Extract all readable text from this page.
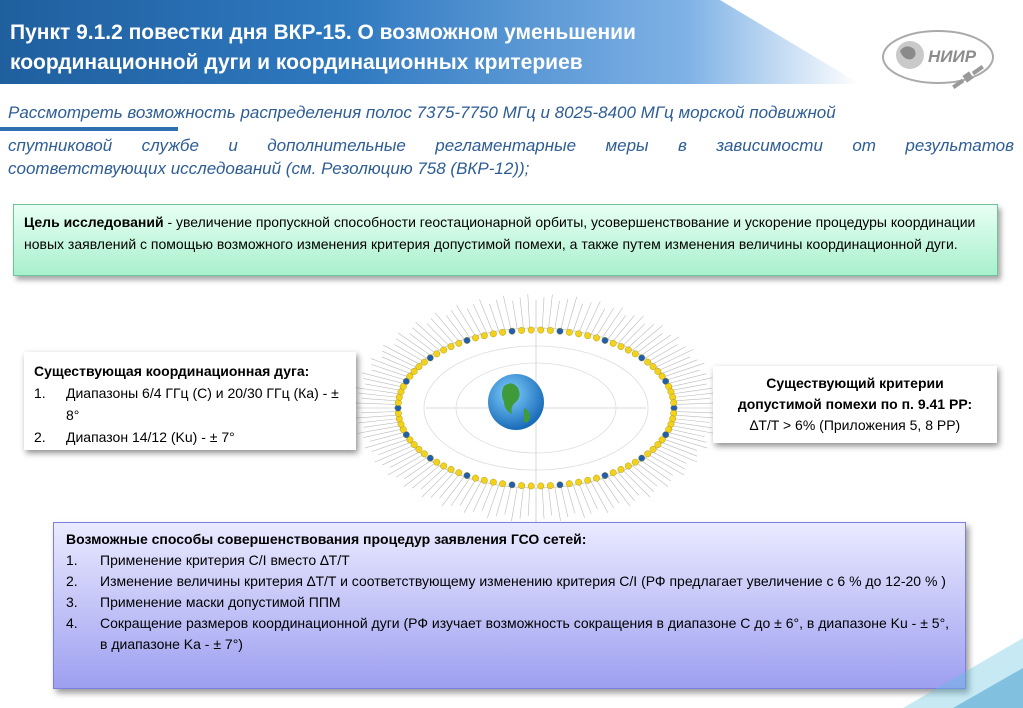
Пункт 9.1.2 повестки дня ВКР-15. О возможном уменьшении
координационной дуги и координационных критериев	НИИР
Рассмотреть возможность распределения полос 7375-7750 МГц и 8025-8400 МГц морской подвижной
спутниковой службе и дополнительные регламентарные меры в зависимости от результатов
соответствующих исследований (см. Резолюцию 758 (ВКР-12));
Цель исследований - увеличение пропускной способности геостационарной орбиты, усовершенствование и ускорение процедуры координации новых заявлений с помощью возможного изменения критерия допустимой помехи, а также путем изменения величины координационной дуги.
Существующая координационная дуга:
1. Диапазоны 6/4 ГГц (С) и 20/30 ГГц (Ка) - ± 8°
2. Диапазон 14/12 (Ku) - ± 7°
Существующий критерии
допустимой помехи по п. 9.41 РР:
∆T/T > 6% (Приложения 5, 8 РР)
Возможные способы совершенствования процедур заявления ГСО сетей:
1. Применение критерия C/I вместо ∆T/T
2. Изменение величины критерия ∆T/T и соответствующему изменению критерия C/I (РФ предлагает увеличение с 6 % до 12-20 % )
3. Применение маски допустимой ППМ
4. Сокращение размеров координационной дуги (РФ изучает возможность сокращения в диапазоне С до ± 6°, в диапазоне Ku - ± 5°, в диапазоне Ka - ± 7°)
